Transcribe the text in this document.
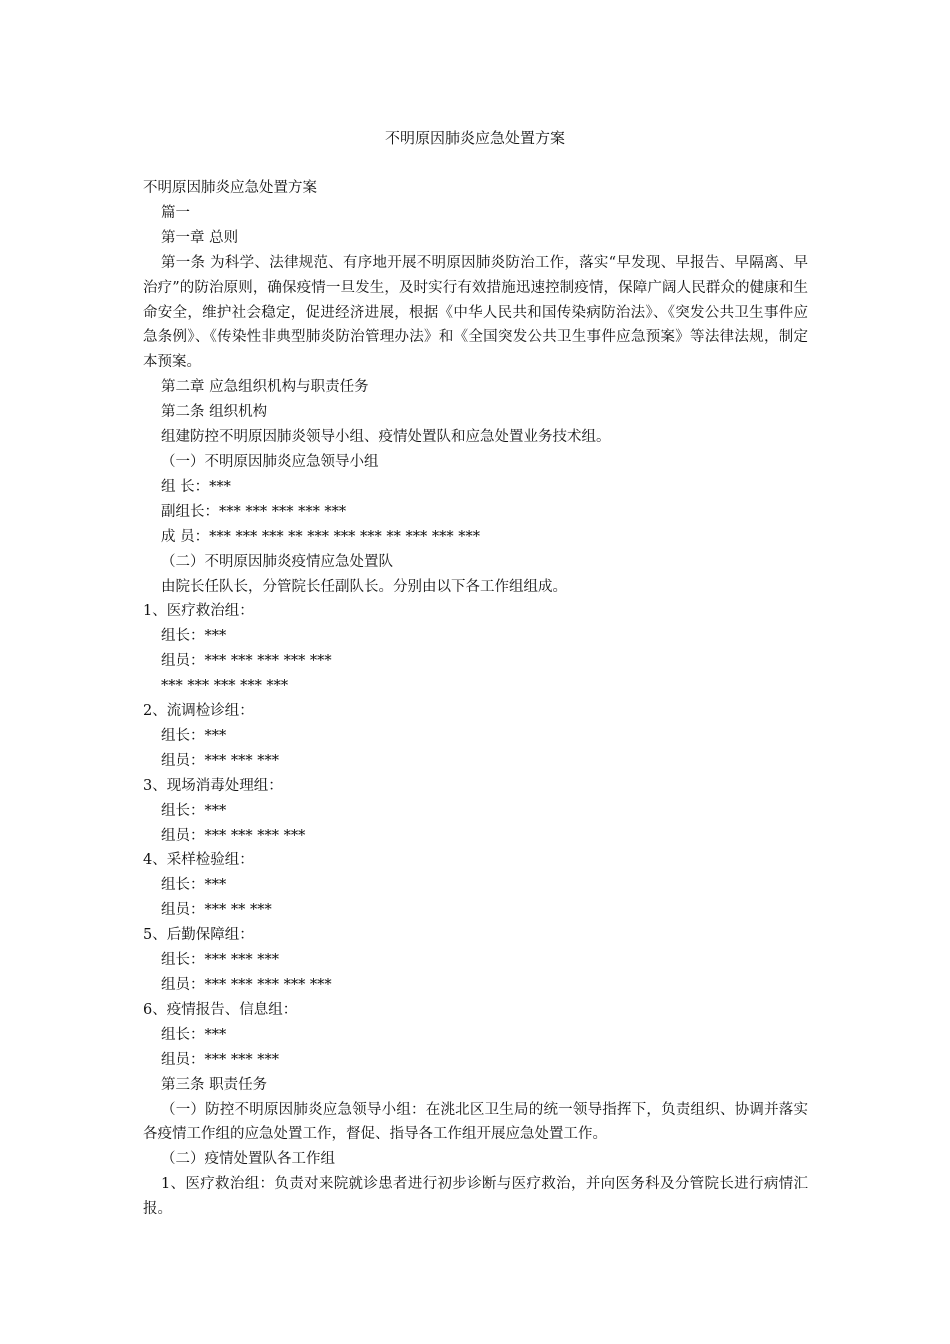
不明原因肺炎应急处置方案

不明原因肺炎应急处置方案

篇一

第一章 总则

第一条 为科学、法律规范、有序地开展不明原因肺炎防治工作，落实“早发现、早报告、早隔离、早治疗”的防治原则，确保疫情一旦发生，及时实行有效措施迅速控制疫情，保障广阔人民群众的健康和生命安全，维护社会稳定，促进经济进展，根据《中华人民共和国传染病防治法》、《突发公共卫生事件应急条例》、《传染性非典型肺炎防治管理办法》和《全国突发公共卫生事件应急预案》等法律法规，制定本预案。

第二章 应急组织机构与职责任务

第二条 组织机构

组建防控不明原因肺炎领导小组、疫情处置队和应急处置业务技术组。

（一）不明原因肺炎应急领导小组

组 长：***

副组长：*** *** *** *** ***

成 员：*** *** *** ** *** *** *** ** *** *** ***

（二）不明原因肺炎疫情应急处置队

由院长任队长，分管院长任副队长。分别由以下各工作组组成。

1、医疗救治组：

组长：***

组员：*** *** *** *** ***

*** *** *** *** ***

2、流调检诊组：

组长：***

组员：*** *** ***

3、现场消毒处理组：

组长：***

组员：*** *** *** ***

4、采样检验组：

组长：***

组员：*** ** ***

5、后勤保障组：

组长：*** *** ***

组员：*** *** *** *** ***

6、疫情报告、信息组：

组长：***

组员：*** *** ***

第三条 职责任务

（一）防控不明原因肺炎应急领导小组：在洮北区卫生局的统一领导指挥下，负责组织、协调并落实各疫情工作组的应急处置工作，督促、指导各工作组开展应急处置工作。

（二）疫情处置队各工作组

1、医疗救治组：负责对来院就诊患者进行初步诊断与医疗救治，并向医务科及分管院长进行病情汇报。
